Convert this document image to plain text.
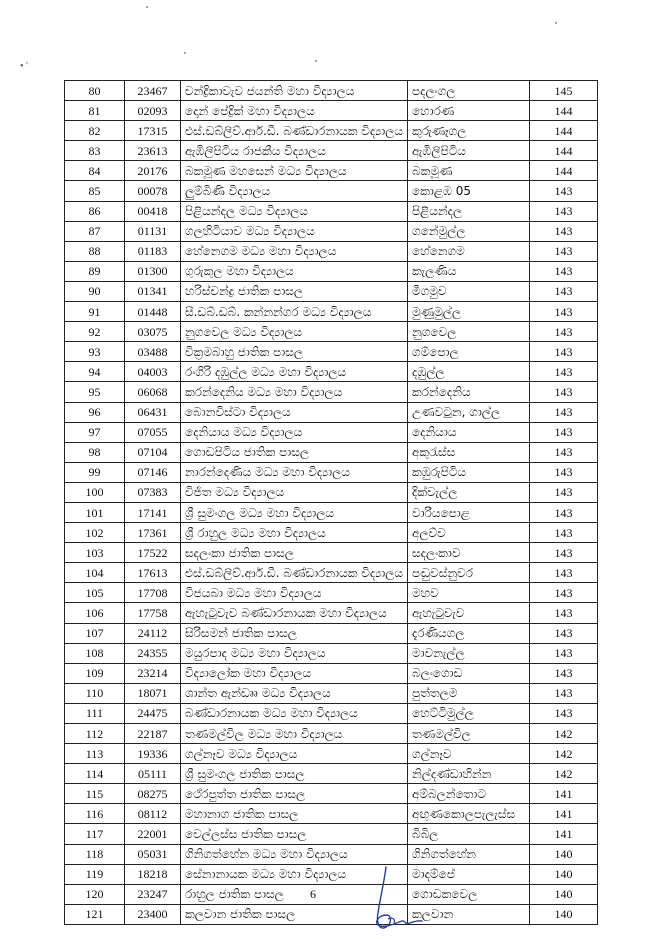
• '
80	23467	චන්ද්‍රිකාවැව ජයන්ති මහා විද්‍යාලය	පදලංගල	145
81	02093	දොන් පේද්‍රික් මහා විද්‍යාලය	හොරණ	144
82	17315	එස්.ඩබ්ලිව්.ආර්.ඩී. බණ්ඩාරනායක විද්‍යාලය	කුරුණෑගල	144
83	23613	ඇඹිලිපිටිය රාජකීය විද්‍යාලය	ඇඹිලිපිටිය	144
84	20176	බකමූණ මහසෙන් මධ්‍ය විද්‍යාලය	බකමූණ	144
85	00078	ලුම්බිණි විද්‍යාලය	කොළඹ 05	143
86	00418	පිළියන්දල මධ්‍ය විද්‍යාලය	පිළියන්දල	143
87	01131	ගලහිටියාව මධ්‍ය විද්‍යාලය	ගනේමුල්ල	143
88	01183	හේනෙගම මධ්‍ය මහා විද්‍යාලය	හේනෙගම	143
89	01300	ගුරුකුල මහා විද්‍යාලය	කැලණිය	143
90	01341	හරිස්චන්ද්‍ර ජාතික පාසල	මීගමුව	143
91	01448	සී.ඩබ්.ඩබ්. කන්නන්ගර මධ්‍ය විද්‍යාලය	මුණුමුල්ල	143
92	03075	නුගවෙල මධ්‍ය විද්‍යාලය	නුගවෙල	143
93	03488	වික්‍රමබාහු ජාතික පාසල	ගම්පොල	143
94	04003	රංගිරි දඹුල්ල මධ්‍ය මහා විද්‍යාලය	දඹුල්ල	143
95	06068	කරන්දෙනිය මධ්‍ය මහා විද්‍යාලය	කරන්දෙනිය	143
96	06431	බොනවිස්ටා විද්‍යාලය	උණවටුන, ගාල්ල	143
97	07055	දෙනියාය මධ්‍ය විද්‍යාලය	දෙනියාය	143
98	07104	ගොඩපිටිය ජාතික පාසල	අකුරැස්ස	143
99	07146	නාරන්දෙණිය මධ්‍ය මහා විද්‍යාලය	කඹුරුපිටිය	143
100	07383	විජිත මධ්‍ය විද්‍යාලය	දික්වැල්ල	143
101	17141	ශ්‍රී සුමංගල මධ්‍ය මහා විද්‍යාලය	වාරියපොළ	143
102	17361	ශ්‍රී රාහුල මධ්‍ය මහා විද්‍යාලය	අලව්ව	143
103	17522	සදලංකා ජාතික පාසල	සදලංකාව	143
104	17613	එස්.ඩබ්ලිව්.ආර්.ඩී. බණ්ඩාරනායක විද්‍යාලය	පඬුවස්නුවර	143
105	17708	විජයබා මධ්‍ය මහා විද්‍යාලය	මහව	143
106	17758	ඇහැටුවැව බණ්ඩාරනායක මහා විද්‍යාලය	ඇහැටුවැව	143
107	24112	සිරිසමන් ජාතික පාසල	දැරණියගල	143
108	24355	මයුරපාද මධ්‍ය මහා විද්‍යාලය	මාවනැල්ල	143
109	23214	විද්‍යාලෝක මහා විද්‍යාලය	බලංගොඩ	143
110	18071	ශාන්ත ඇන්ඩෲ මධ්‍ය විද්‍යාලය	පුත්තලම	143
111	24475	බණ්ඩාරනායක මධ්‍ය මහා විද්‍යාලය	හෙට්ටිමුල්ල	143
112	22187	තණමල්විල මධ්‍ය මහා විද්‍යාලය	තණමල්විල	142
113	19336	ගල්නෑව මධ්‍ය විද්‍යාලය	ගල්නෑව	142
114	05111	ශ්‍රී සුමංගල ජාතික පාසල	නිල්දණ්ඩාහින්න	142
115	08275	ථේරපුත්ත ජාතික පාසල	අම්බලන්තොට	141
116	08112	මහානාග ජාතික පාසල	අඟුණකොලපැලැස්ස	141
117	22001	වෙල්ලස්ස ජාතික පාසල	බිබිල	141
118	05031	ගිනිගත්හේන මධ්‍ය මහා විද්‍යාලය	ගිනිගත්හේන	140
119	18218	සේනානායක මධ්‍ය මහා විද්‍යාලය	මාදම්පේ	140
120	23247	රාහුල ජාතික පාසල	ගොඩකවෙල	140
121	23400	කලවාන ජාතික පාසල	කලවාන	140
6
